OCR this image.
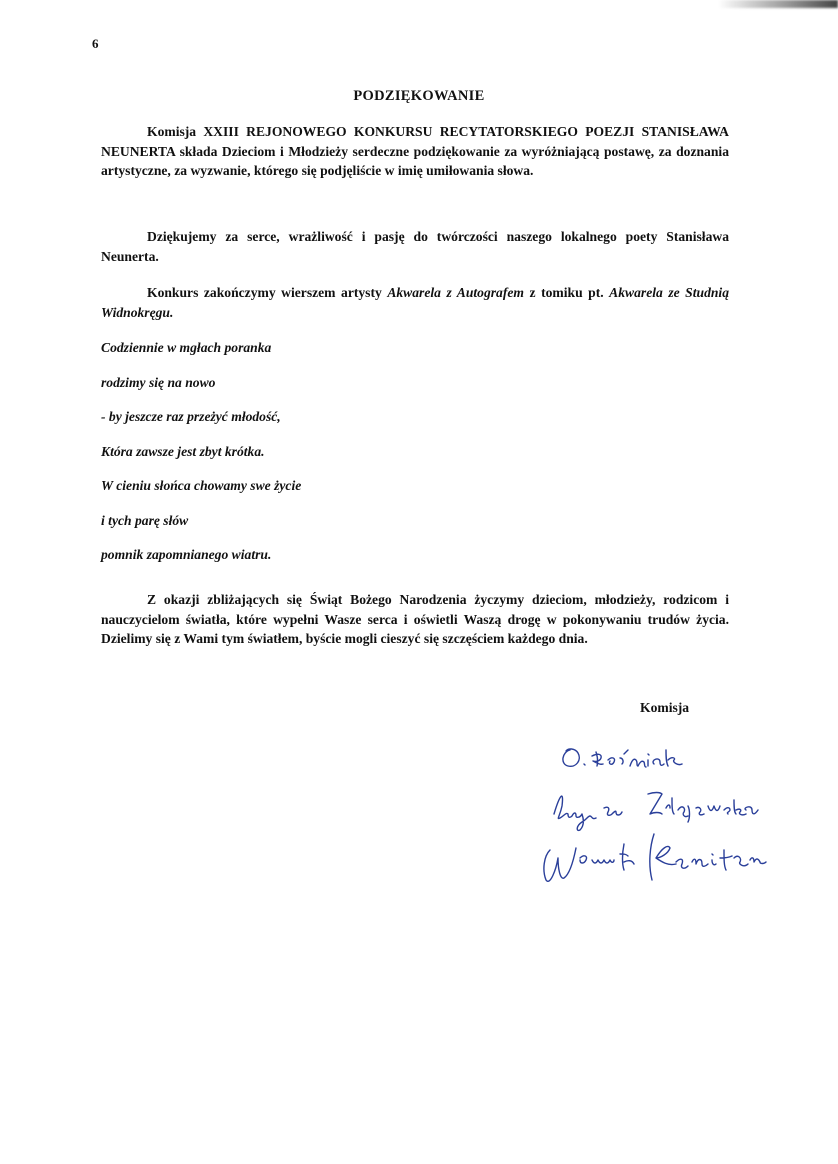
6
PODZIĘKOWANIE
Komisja XXIII REJONOWEGO KONKURSU RECYTATORSKIEGO POEZJI STANISŁAWA NEUNERTA składa Dzieciom i Młodzieży serdeczne podziękowanie za wyróżniającą postawę, za doznania artystyczne, za wyzwanie, którego się podjęliście w imię umiłowania słowa.
Dziękujemy za serce, wrażliwość i pasję do twórczości naszego lokalnego poety Stanisława Neunerta.
Konkurs zakończymy wierszem artysty Akwarela z Autografem z tomiku pt. Akwarela ze Studnią Widnokręgu.
Codziennie w mgłach poranka
rodzimy się na nowo
- by jeszcze raz przeżyć młodość,
Która zawsze jest zbyt krótka.
W cieniu słońca chowamy swe życie
i tych parę słów
pomnik zapomnianego wiatru.
Z okazji zbliżających się Świąt Bożego Narodzenia życzymy dzieciom, młodzieży, rodzicom i nauczycielom światła, które wypełni Wasze serca i oświetli Waszą drogę w pokonywaniu trudów życia. Dzielimy się z Wami tym światłem, byście mogli cieszyć się szczęściem każdego dnia.
Komisja
